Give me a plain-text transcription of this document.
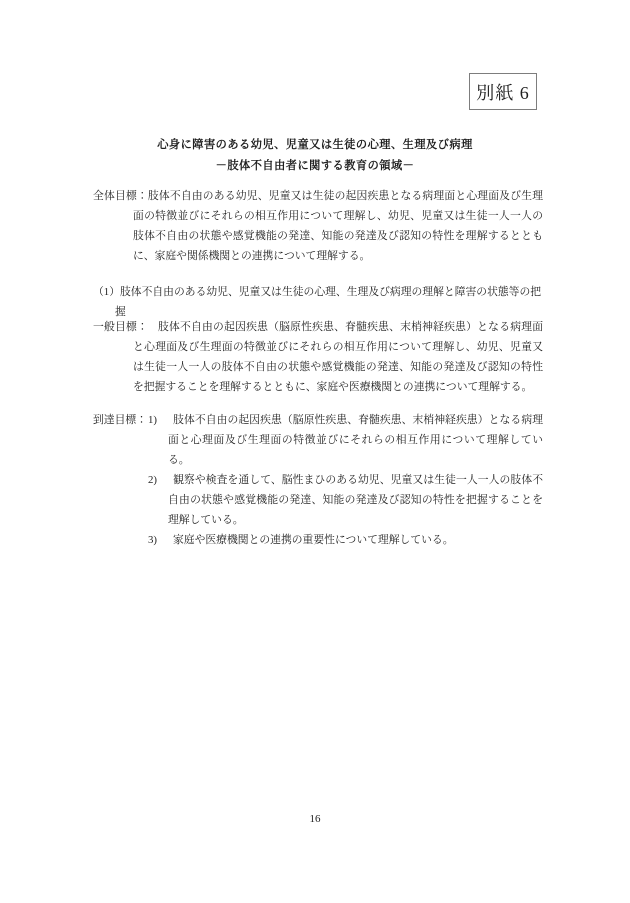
別紙 6
心身に障害のある幼児、児童又は生徒の心理、生理及び病理
－肢体不自由者に関する教育の領域－

全体目標：肢体不自由のある幼児、児童又は生徒の起因疾患となる病理面と心理面及び生理面の特徴並びにそれらの相互作用について理解し、幼児、児童又は生徒一人一人の肢体不自由の状態や感覚機能の発達、知能の発達及び認知の特性を理解するとともに、家庭や関係機関との連携について理解する。

（1）肢体不自由のある幼児、児童又は生徒の心理、生理及び病理の理解と障害の状態等の把握

一般目標： 肢体不自由の起因疾患（脳原性疾患、脊髄疾患、末梢神経疾患）となる病理面と心理面及び生理面の特徴並びにそれらの相互作用について理解し、幼児、児童又は生徒一人一人の肢体不自由の状態や感覚機能の発達、知能の発達及び認知の特性を把握することを理解するとともに、家庭や医療機関との連携について理解する。

到達目標： 1) 肢体不自由の起因疾患（脳原性疾患、脊髄疾患、末梢神経疾患）となる病理面と心理面及び生理面の特徴並びにそれらの相互作用について理解している。

2) 観察や検査を通して、脳性まひのある幼児、児童又は生徒一人一人の肢体不自由の状態や感覚機能の発達、知能の発達及び認知の特性を把握することを理解している。

3) 家庭や医療機関との連携の重要性について理解している。

16
